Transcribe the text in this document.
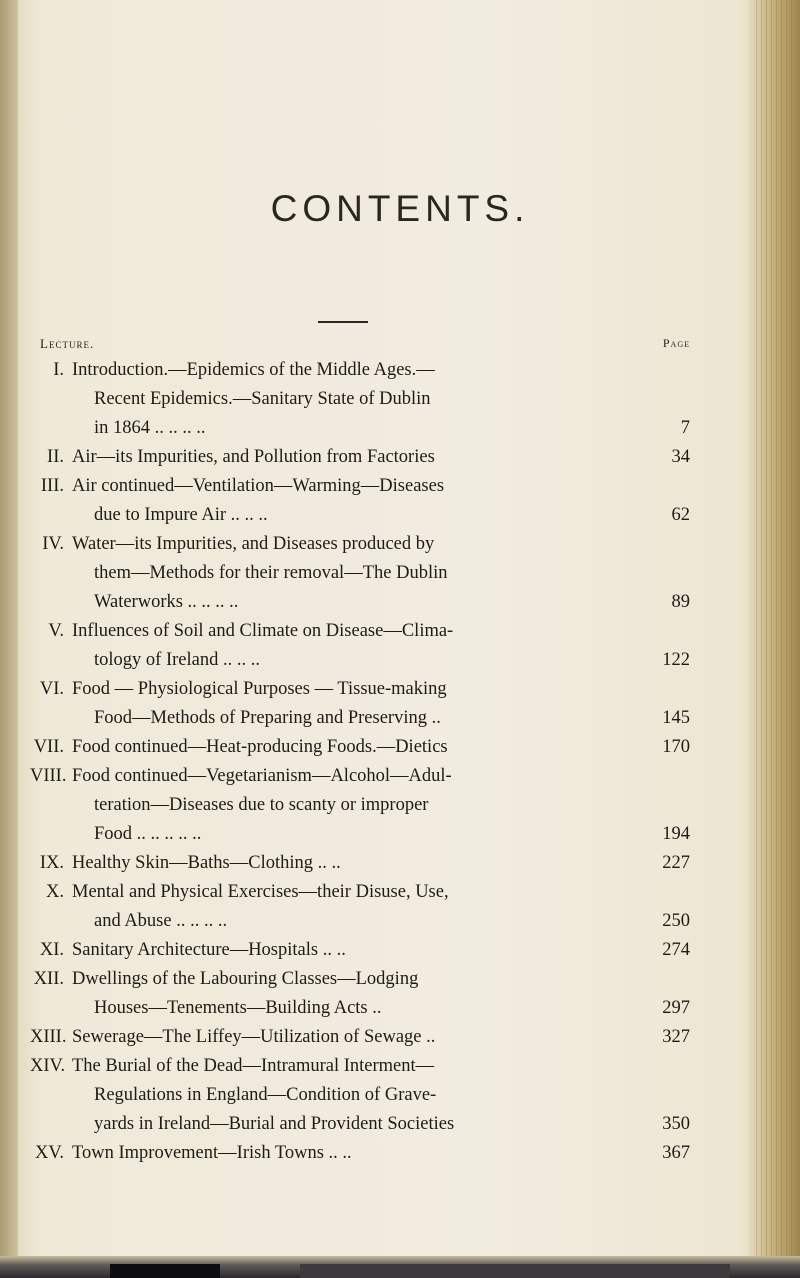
CONTENTS.
Lecture.	Page
I. Introduction.—Epidemics of the Middle Ages.—
Recent Epidemics.—Sanitary State of Dublin
in 1864 .. .. .. ..	7
II. Air—its Impurities, and Pollution from Factories	34
III. Air continued—Ventilation—Warming—Diseases
due to Impure Air .. .. ..	62
IV. Water—its Impurities, and Diseases produced by
them—Methods for their removal—The Dublin
Waterworks .. .. .. ..	89
V. Influences of Soil and Climate on Disease—Clima-
tology of Ireland .. .. ..	122
VI. Food — Physiological Purposes — Tissue-making
Food—Methods of Preparing and Preserving ..	145
VII. Food continued—Heat-producing Foods.—Dietics	170
VIII. Food continued—Vegetarianism—Alcohol—Adul-
teration—Diseases due to scanty or improper
Food .. .. .. .. ..	194
IX. Healthy Skin—Baths—Clothing .. ..	227
X. Mental and Physical Exercises—their Disuse, Use,
and Abuse .. .. .. ..	250
XI. Sanitary Architecture—Hospitals .. ..	274
XII. Dwellings of the Labouring Classes—Lodging
Houses—Tenements—Building Acts ..	297
XIII. Sewerage—The Liffey—Utilization of Sewage ..	327
XIV. The Burial of the Dead—Intramural Interment—
Regulations in England—Condition of Grave-
yards in Ireland—Burial and Provident Societies	350
XV. Town Improvement—Irish Towns .. ..	367
